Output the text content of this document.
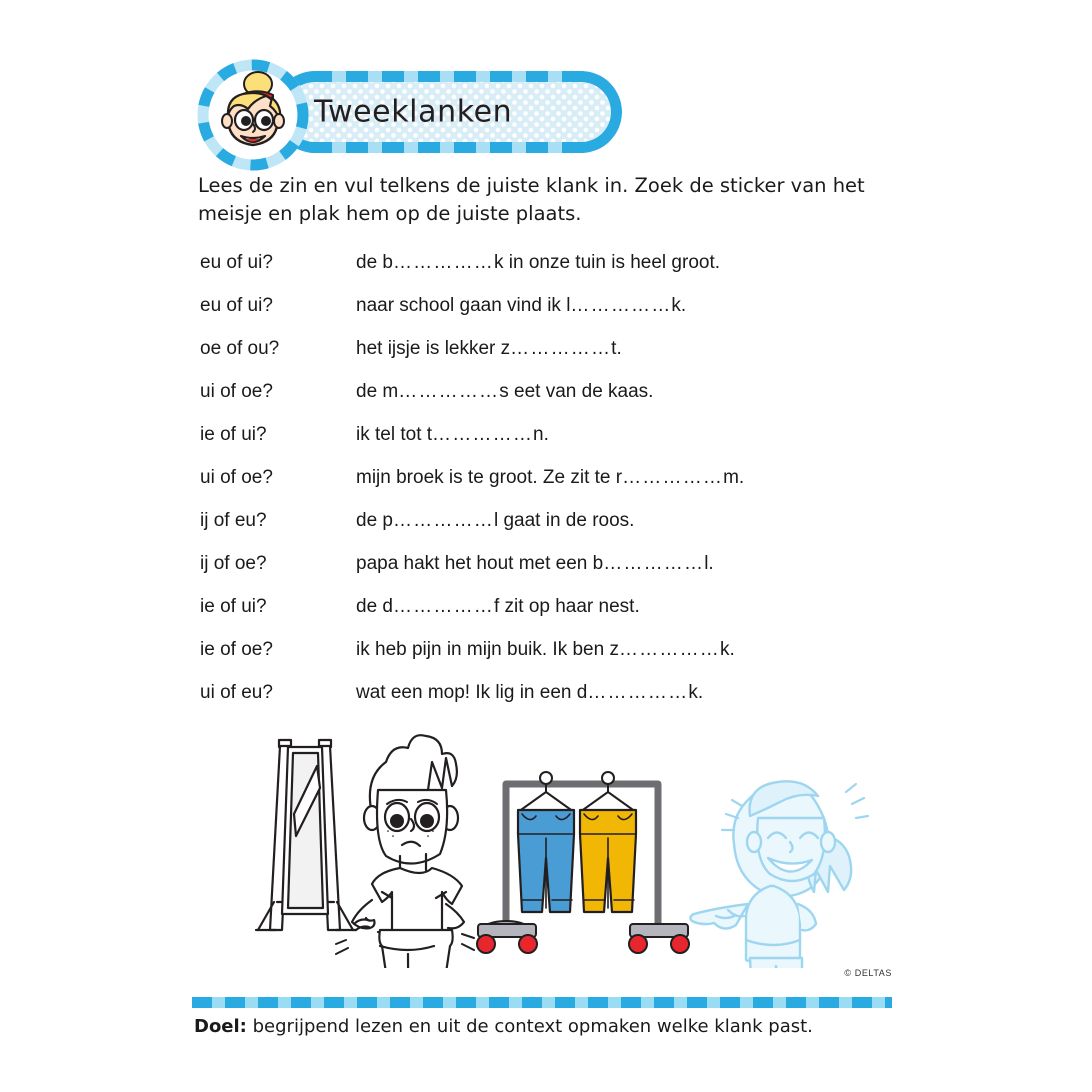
Tweeklanken
Lees de zin en vul telkens de juiste klank in. Zoek de sticker van het meisje en plak hem op de juiste plaats.
eu of ui?	de b……………k in onze tuin is heel groot.
eu of ui?	naar school gaan vind ik l……………k.
oe of ou?	het ijsje is lekker z……………t.
ui of oe?	de m……………s eet van de kaas.
ie of ui?	ik tel tot t……………n.
ui of oe?	mijn broek is te groot. Ze zit te r……………m.
ij of eu?	de p……………l gaat in de roos.
ij of oe?	papa hakt het hout met een b……………l.
ie of ui?	de d……………f zit op haar nest.
ie of oe?	ik heb pijn in mijn buik. Ik ben z……………k.
ui of eu?	wat een mop! Ik lig in een d……………k.
© DELTAS
Doel: begrijpend lezen en uit de context opmaken welke klank past.
